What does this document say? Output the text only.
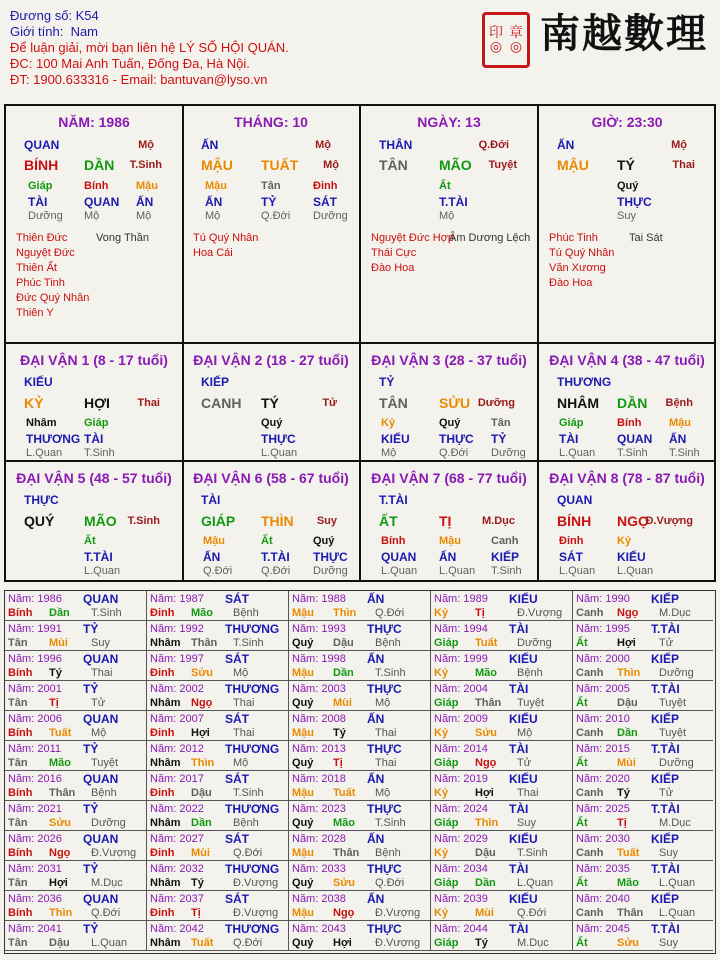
Đương số: K54
Giới tính: Nam
Để luận giải, mời bạn liên hệ LÝ SỐ HỘI QUÁN.
ĐC: 100 Mai Anh Tuấn, Đống Đa, Hà Nội.
ĐT: 1900.633316 - Email: bantuvan@lyso.vn
印 章
◎ ◎ 南越數理
NĂM: 1986
QUAN	Mộ
BÍNH DẦN T.Sinh
Giáp	Bính	Mậu
TÀI	QUAN ẤN
Dưỡng Mộ	Mộ
Thiên Đức
Nguyệt Đức
Thiên Ất
Phúc Tinh
Đức Quý Nhân
Thiên Y
Vong Thần
THÁNG: 10
ẤN	Mộ
MẬU TUẤT Mộ
Mậu	Tân	Đinh
ẤN	TỶ	SÁT
Mộ	Q.Đới Dưỡng
Tú Quý Nhân
Hoa Cái
NGÀY: 13
THÂN	Q.Đới
TÂN MÃO Tuyệt
Ất
T.TÀI
Mộ
Nguyệt Đức Hợp
Thái Cực
Đào Hoa
Âm Dương Lệch
GIỜ: 23:30
ẤN	Mộ
MẬU TÝ	Thai
Quý
THỰC
Suy
Phúc Tinh
Tú Quý Nhân
Văn Xương
Đào Hoa
Tai Sát
ĐẠI VẬN 1 (8 - 17 tuổi)
KIẾU
KỶ	HỢI Thai
Nhâm Giáp
THƯƠNG TÀI
L.Quan T.Sinh
ĐẠI VẬN 2 (18 - 27 tuổi)
KIẾP
CANH TÝ	Tử
Quý
THỰC
L.Quan
ĐẠI VẬN 3 (28 - 37 tuổi)
TỶ
TÂN SỬU Dưỡng
Kỷ	Quý	Tân
KIẾU THỰC TỶ
Mộ	Q.Đới Dưỡng
ĐẠI VẬN 4 (38 - 47 tuổi)
THƯƠNG
NHÂM DẦN Bệnh
Giáp	Bính	Mậu
TÀI	QUAN ẤN
L.Quan T.Sinh T.Sinh
ĐẠI VẬN 5 (48 - 57 tuổi)
THỰC
QUÝ MÃO T.Sinh
Ất
T.TÀI
L.Quan
ĐẠI VẬN 6 (58 - 67 tuổi)
TÀI
GIÁP THÌN Suy
Mậu	Ất	Quý
ẤN	T.TÀI THỰC
Q.Đới	Q.Đới Dưỡng
ĐẠI VẬN 7 (68 - 77 tuổi)
T.TÀI
ẤT	TỊ	M.Dục
Bính	Mậu	Canh
QUAN ẤN	KIẾP
L.Quan L.Quan T.Sinh
ĐẠI VẬN 8 (78 - 87 tuổi)
QUAN
BÍNH NGỌ
Đ.Vượng
Đinh	Kỷ
SÁT	KIẾU
L.Quan L.Quan
Năm: 1986 QUAN
Bính Dần T.Sinh
Năm: 1987 SÁT
Đinh Mão Bệnh
Năm: 1988 ẤN
Mậu Thìn Q.Đới
Năm: 1989 KIẾU
Kỷ Tị	Đ.Vượng
Năm: 1990 KIẾP
Canh Ngọ M.Dục
Năm: 1991 TỶ
Tân Mùi Suy
Năm: 1992 THƯƠNG
Nhâm Thân T.Sinh
Năm: 1993 THỰC
Quý Dậu Bệnh
Năm: 1994 TÀI
Giáp Tuất Dưỡng
Năm: 1995 T.TÀI
Ất	Hợi Tử
Năm: 1996 QUAN
Bính Tý	Thai
Năm: 1997 SÁT
Đinh Sửu Mộ
Năm: 1998 ẤN
Mậu Dần T.Sinh
Năm: 1999 KIẾU
Kỷ Mão Bệnh
Năm: 2000 KIẾP
Canh Thìn Dưỡng
Năm: 2001 TỶ
Tân Tị	Tử
Năm: 2002 THƯƠNG
Nhâm Ngọ Thai
Năm: 2003 THỰC
Quý Mùi Mộ
Năm: 2004 TÀI
Giáp Thân Tuyệt
Năm: 2005 T.TÀI
Ất	Dậu Tuyệt
Năm: 2006 QUAN
Bính Tuất Mộ
Năm: 2007 SÁT
Đinh Hợi Thai
Năm: 2008 ẤN
Mậu Tý	Thai
Năm: 2009 KIẾU
Kỷ Sửu Mộ
Năm: 2010 KIẾP
Canh Dần Tuyệt
Năm: 2011 TỶ
Tân Mão Tuyệt
Năm: 2012 THƯƠNG
Nhâm Thìn Mộ
Năm: 2013 THỰC
Quý Tị	Thai
Năm: 2014 TÀI
Giáp Ngọ Tử
Năm: 2015 T.TÀI
Ất	Mùi Dưỡng
Năm: 2016 QUAN
Bính Thân Bệnh
Năm: 2017 SÁT
Đinh Dậu T.Sinh
Năm: 2018 ẤN
Mậu Tuất Mộ
Năm: 2019 KIẾU
Kỷ Hợi Thai
Năm: 2020 KIẾP
Canh Tý	Tử
Năm: 2021 TỶ
Tân Sửu Dưỡng
Năm: 2022 THƯƠNG
Nhâm Dần Bệnh
Năm: 2023 THỰC
Quý Mão T.Sinh
Năm: 2024 TÀI
Giáp Thìn Suy
Năm: 2025 T.TÀI
Ất	Tị	M.Dục
Năm: 2026 QUAN
Bính Ngọ Đ.Vượng
Năm: 2027 SÁT
Đinh Mùi Q.Đới
Năm: 2028 ẤN
Mậu Thân Bệnh
Năm: 2029 KIẾU
Kỷ Dậu T.Sinh
Năm: 2030 KIẾP
Canh Tuất Suy
Năm: 2031 TỶ
Tân Hợi M.Dục
Năm: 2032 THƯƠNG
Nhâm Tý	Đ.Vượng
Năm: 2033 THỰC
Quý Sửu Q.Đới
Năm: 2034 TÀI
Giáp Dần L.Quan
Năm: 2035 T.TÀI
Ất	Mão L.Quan
Năm: 2036 QUAN
Bính Thìn Q.Đới
Năm: 2037 SÁT
Đinh Tị	Đ.Vượng
Năm: 2038 ẤN
Mậu Ngọ Đ.Vượng
Năm: 2039 KIẾU
Kỷ Mùi Q.Đới
Năm: 2040 KIẾP
Canh Thân L.Quan
Năm: 2041 TỶ
Tân Dậu L.Quan
Năm: 2042 THƯƠNG
Nhâm Tuất Q.Đới
Năm: 2043 THỰC
Quý Hợi Đ.Vượng
Năm: 2044 TÀI
Giáp Tý	M.Dục
Năm: 2045 T.TÀI
Ất	Sửu Suy
